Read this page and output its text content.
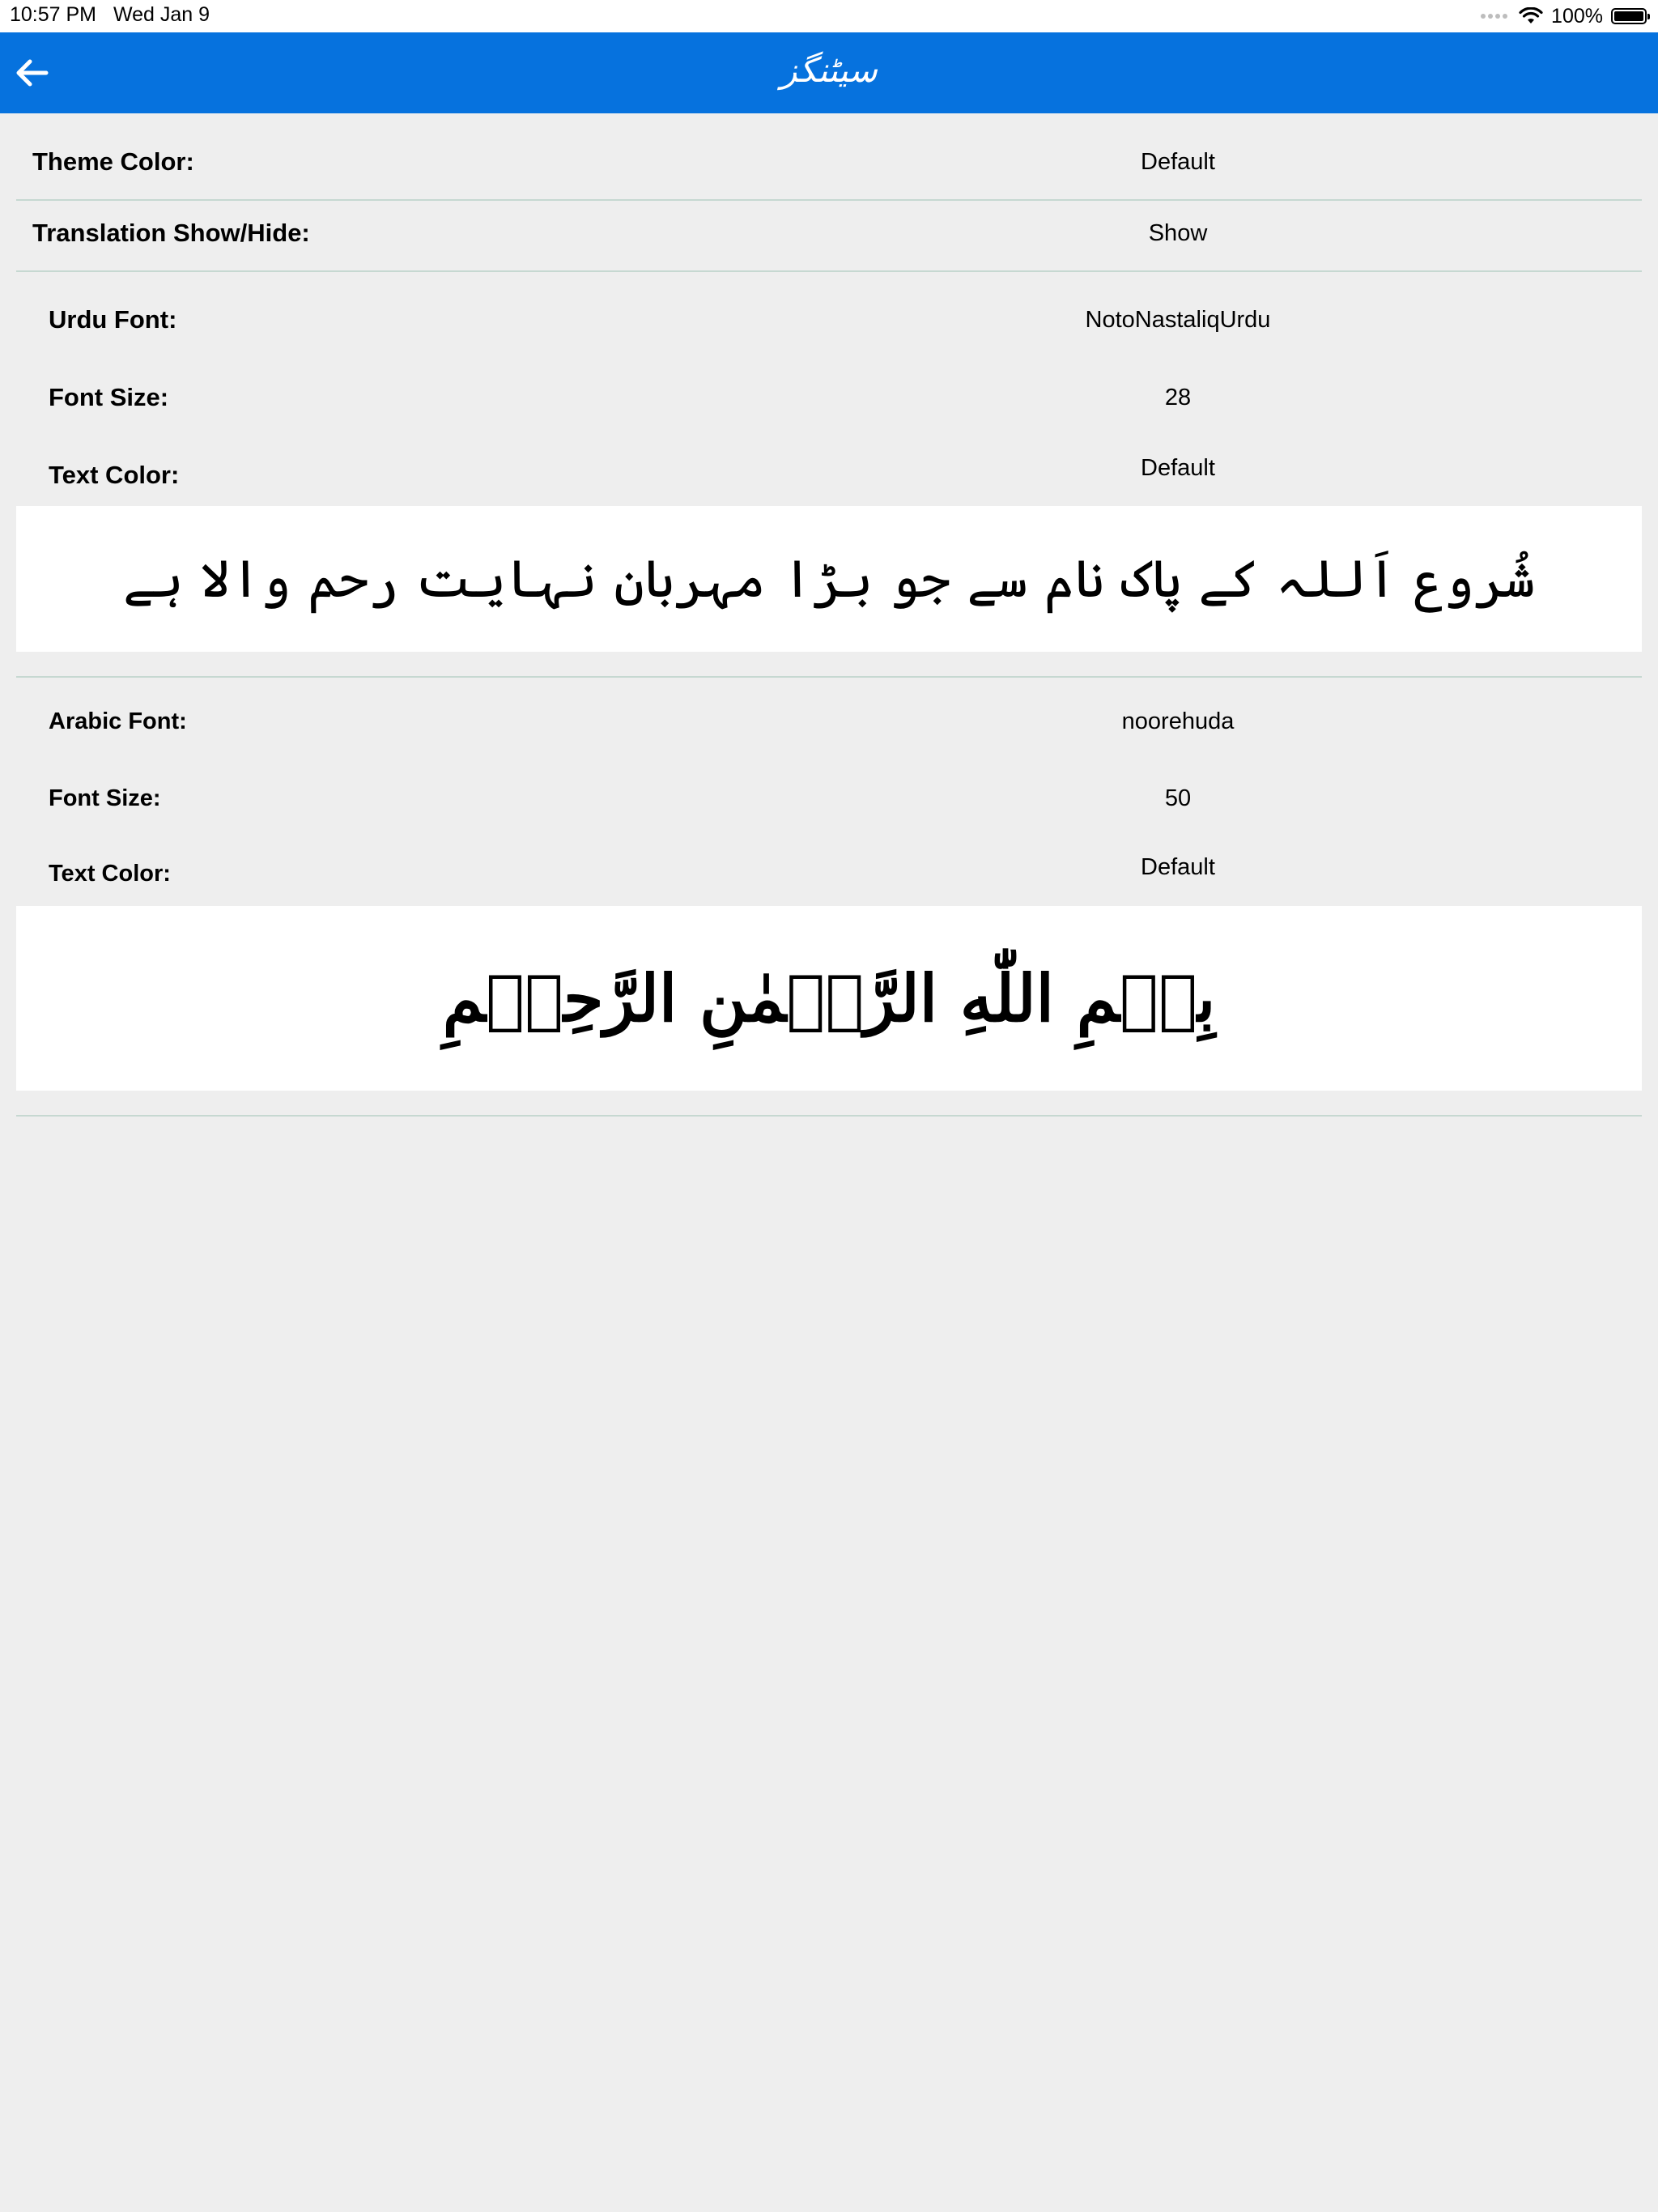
10:57 PM Wed Jan 9	100%
سیٹنگز
Theme Color:	Default
Translation Show/Hide:	Show
Urdu Font:	NotoNastaliqUrdu
Font Size:	28
Text Color:	Default
شُروع اَللہ کے پاک نام سے جو بڑا مہربان نہایت رحم والا ہے
Arabic Font:	noorehuda
Font Size:	50
Text Color:	Default
بِسۡمِ اللّٰهِ الرَّحۡمٰنِ الرَّحِيۡمِ
